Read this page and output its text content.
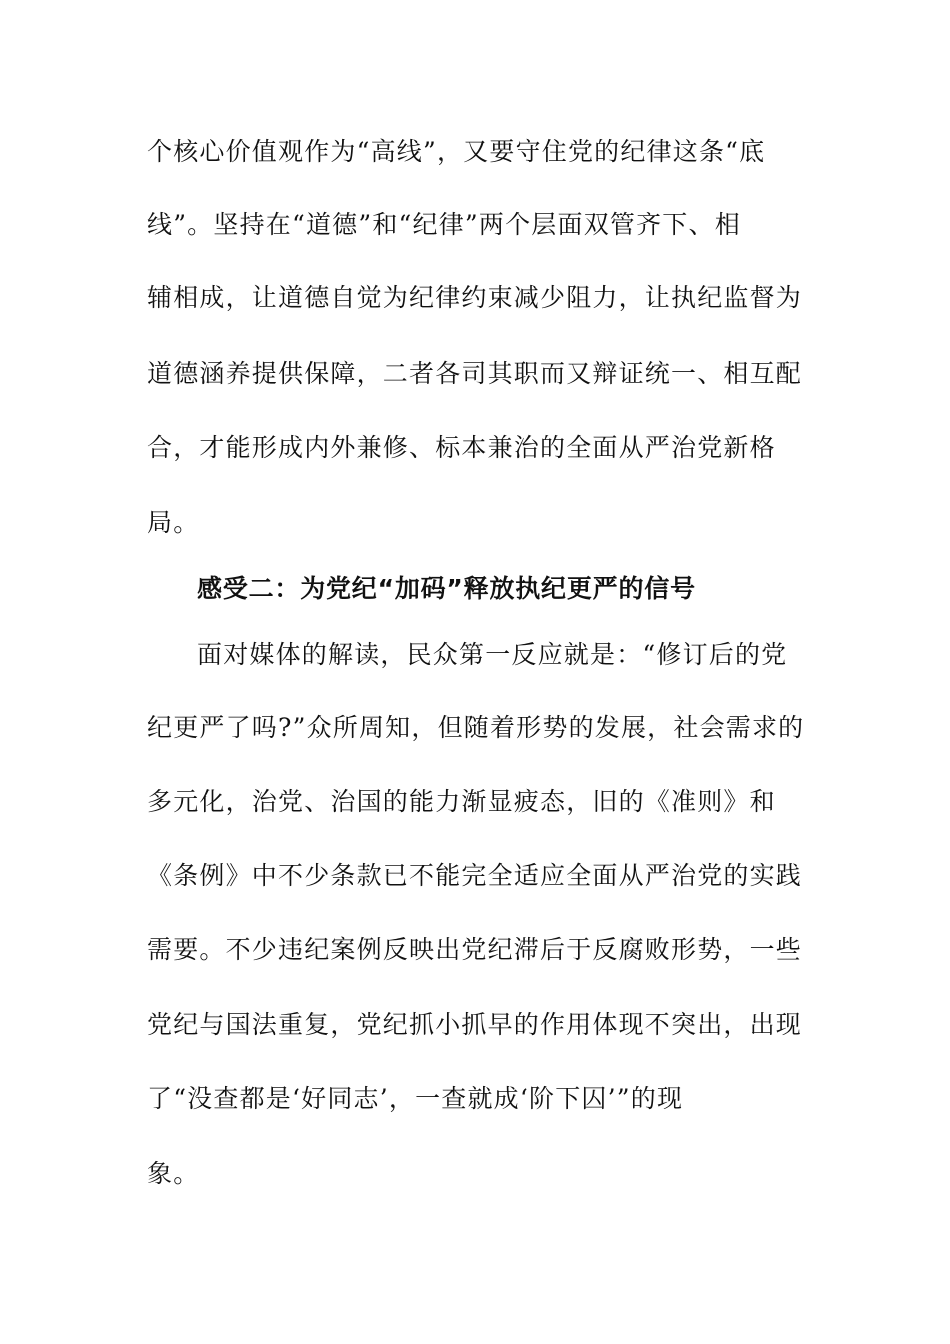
个核心价值观作为“高线”，又要守住党的纪律这条“底
线”。坚持在“道德”和“纪律”两个层面双管齐下、相
辅相成，让道德自觉为纪律约束减少阻力，让执纪监督为
道德涵养提供保障，二者各司其职而又辩证统一、相互配
合，才能形成内外兼修、标本兼治的全面从严治党新格
局。
感受二：为党纪“加码”释放执纪更严的信号
面对媒体的解读，民众第一反应就是：“修订后的党
纪更严了吗?”众所周知，但随着形势的发展，社会需求的
多元化，治党、治国的能力渐显疲态，旧的《准则》和
《条例》中不少条款已不能完全适应全面从严治党的实践
需要。不少违纪案例反映出党纪滞后于反腐败形势，一些
党纪与国法重复，党纪抓小抓早的作用体现不突出，出现
了“没查都是‘好同志’，一查就成‘阶下囚’”的现
象。
